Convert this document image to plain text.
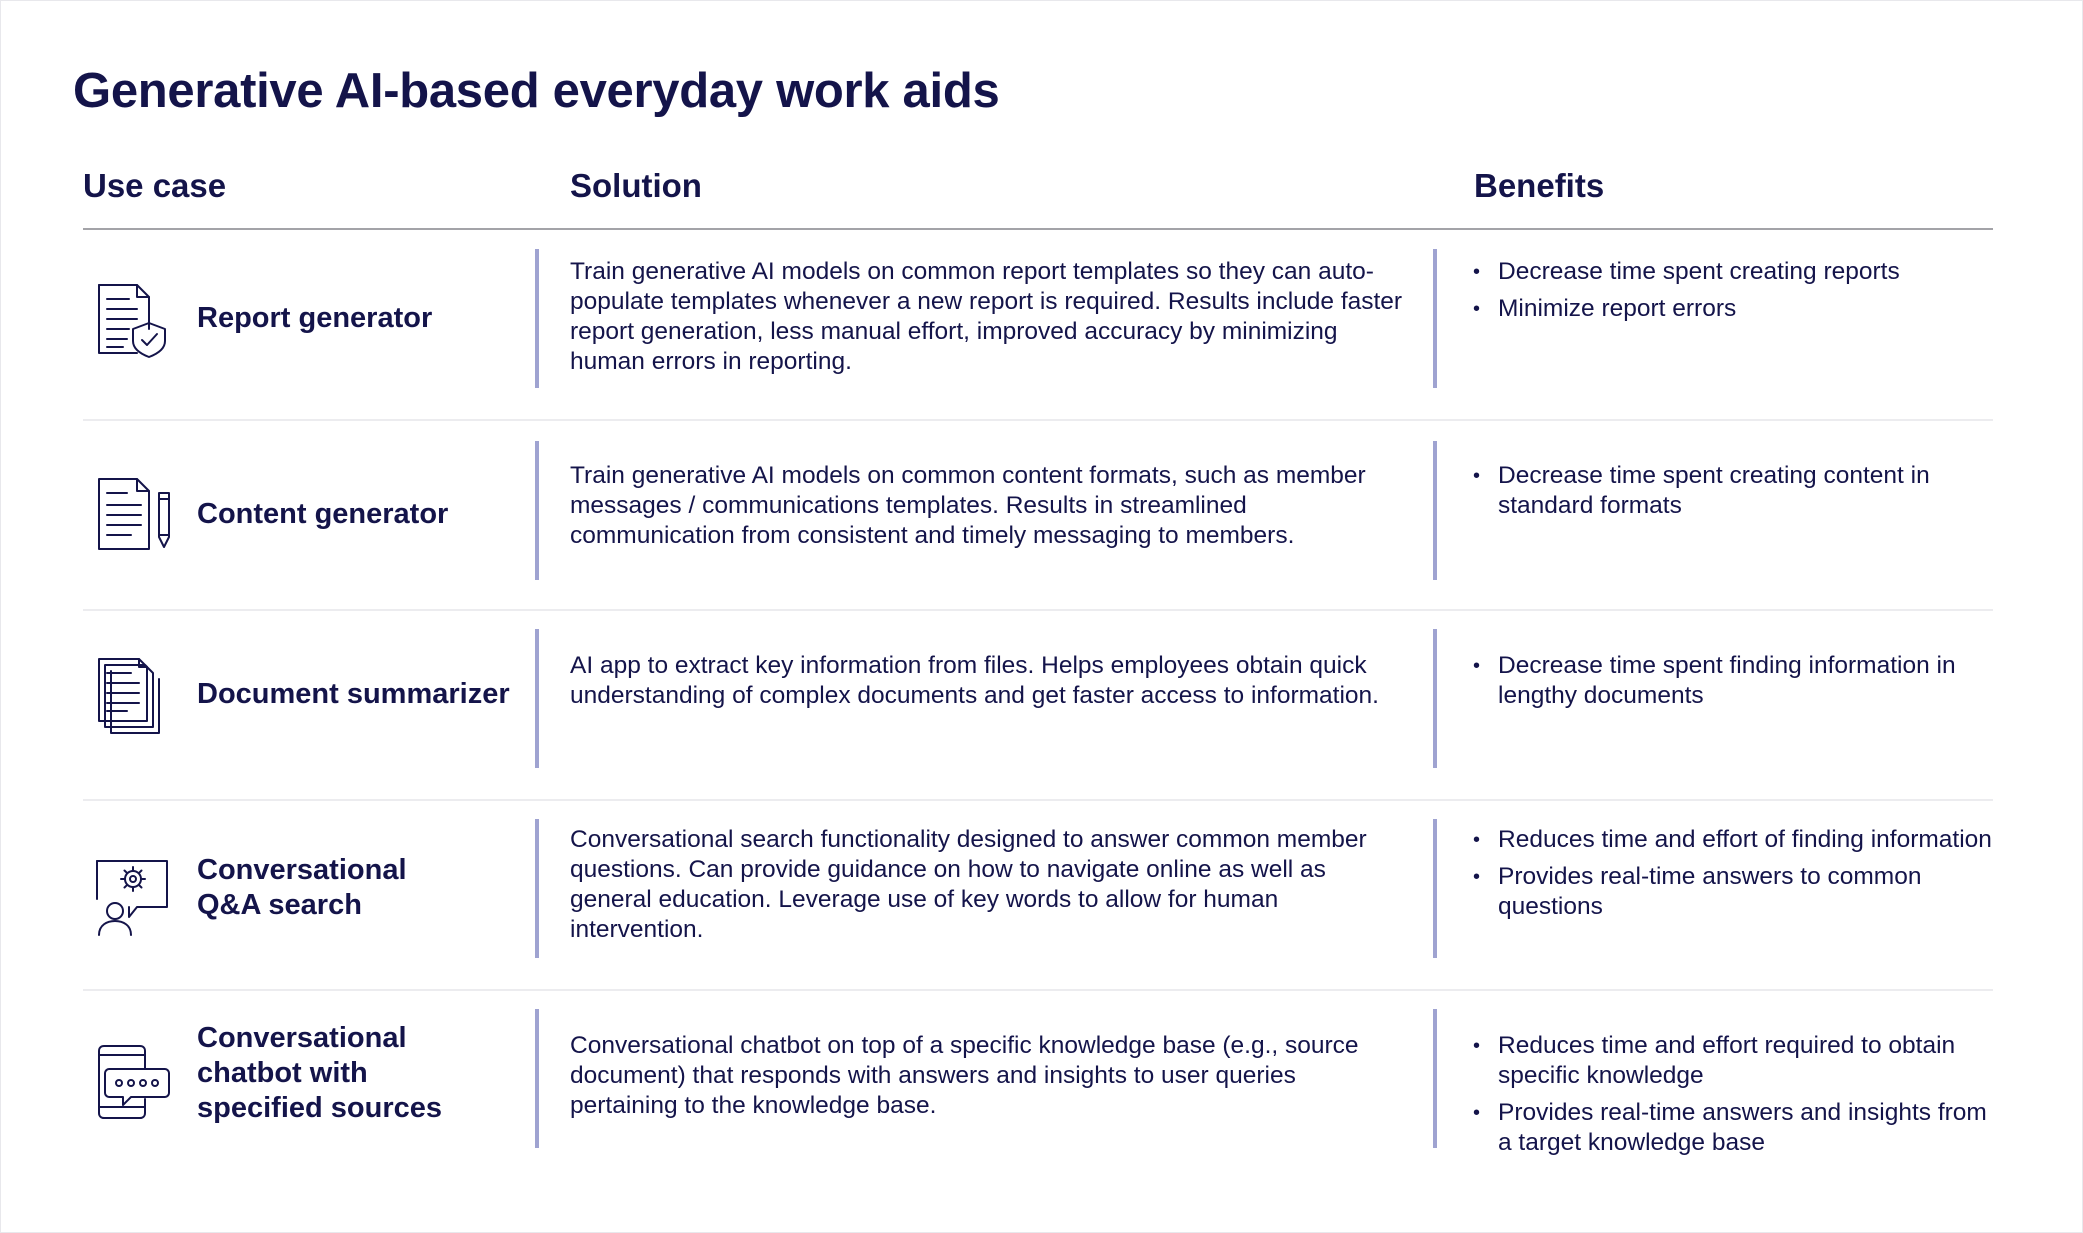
Generative AI-based everyday work aids
Use case	Solution	Benefits
Report generator
Train generative AI models on common report templates so they can auto-populate templates whenever a new report is required. Results include faster report generation, less manual effort, improved accuracy by minimizing human errors in reporting.
• Decrease time spent creating reports
• Minimize report errors
Content generator
Train generative AI models on common content formats, such as member messages / communications templates. Results in streamlined communication from consistent and timely messaging to members.
• Decrease time spent creating content in standard formats
Document summarizer
AI app to extract key information from files. Helps employees obtain quick understanding of complex documents and get faster access to information.
• Decrease time spent finding information in lengthy documents
Conversational
Q&A search
Conversational search functionality designed to answer common member questions. Can provide guidance on how to navigate online as well as general education. Leverage use of key words to allow for human intervention.
• Reduces time and effort of finding information
• Provides real-time answers to common questions
Conversational
chatbot with
specified sources
Conversational chatbot on top of a specific knowledge base (e.g., source document) that responds with answers and insights to user queries pertaining to the knowledge base.
• Reduces time and effort required to obtain specific knowledge
• Provides real-time answers and insights from a target knowledge base
